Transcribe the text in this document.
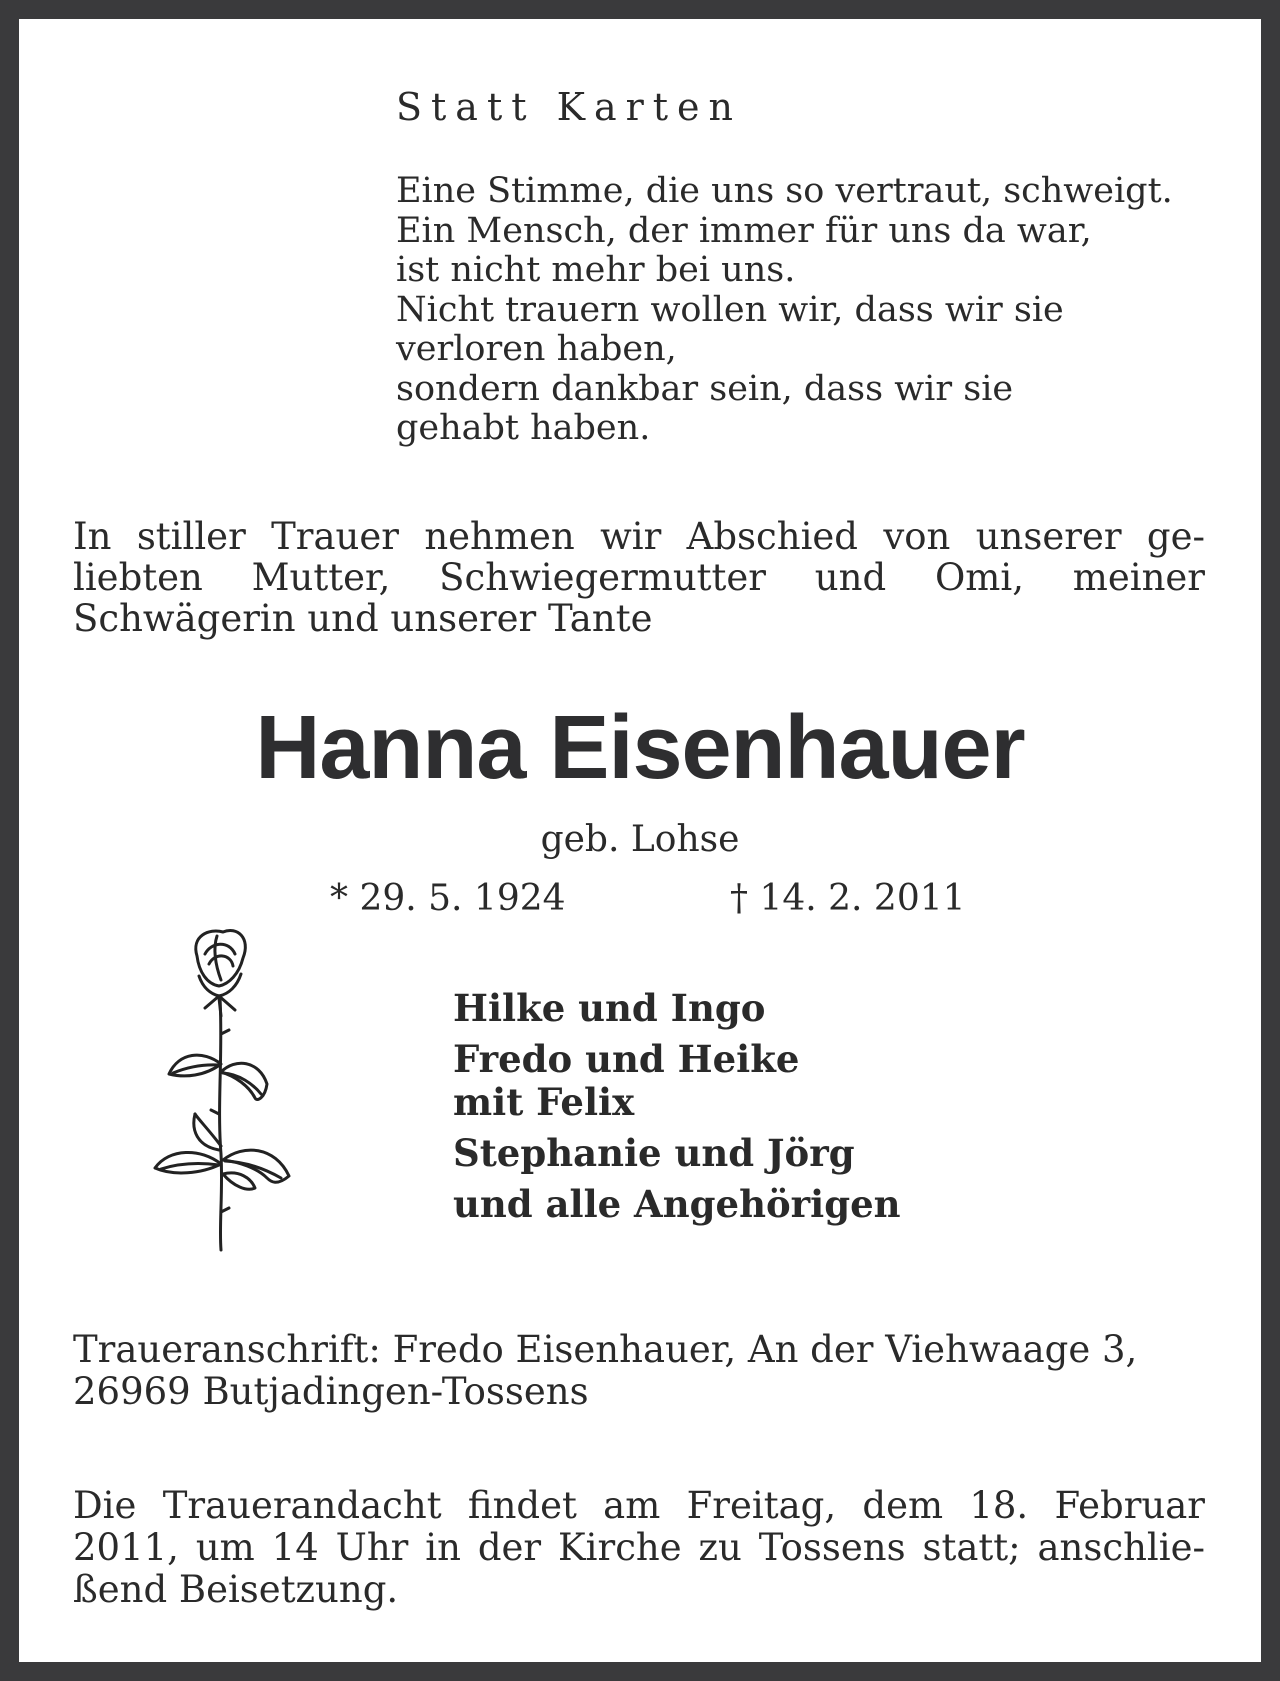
Statt Karten
Eine Stimme, die uns so vertraut, schweigt.
Ein Mensch, der immer für uns da war,
ist nicht mehr bei uns.
Nicht trauern wollen wir, dass wir sie
verloren haben,
sondern dankbar sein, dass wir sie
gehabt haben.
In stiller Trauer nehmen wir Abschied von unserer ge-
liebten Mutter, Schwiegermutter und Omi, meiner
Schwägerin und unserer Tante
Hanna Eisenhauer
geb. Lohse
* 29. 5. 1924	† 14. 2. 2011
Hilke und Ingo
Fredo und Heike
mit Felix
Stephanie und Jörg
und alle Angehörigen
Traueranschrift: Fredo Eisenhauer, An der Viehwaage 3,
26969 Butjadingen-Tossens
Die Trauerandacht findet am Freitag, dem 18. Februar
2011, um 14 Uhr in der Kirche zu Tossens statt; anschlie-
ßend Beisetzung.
